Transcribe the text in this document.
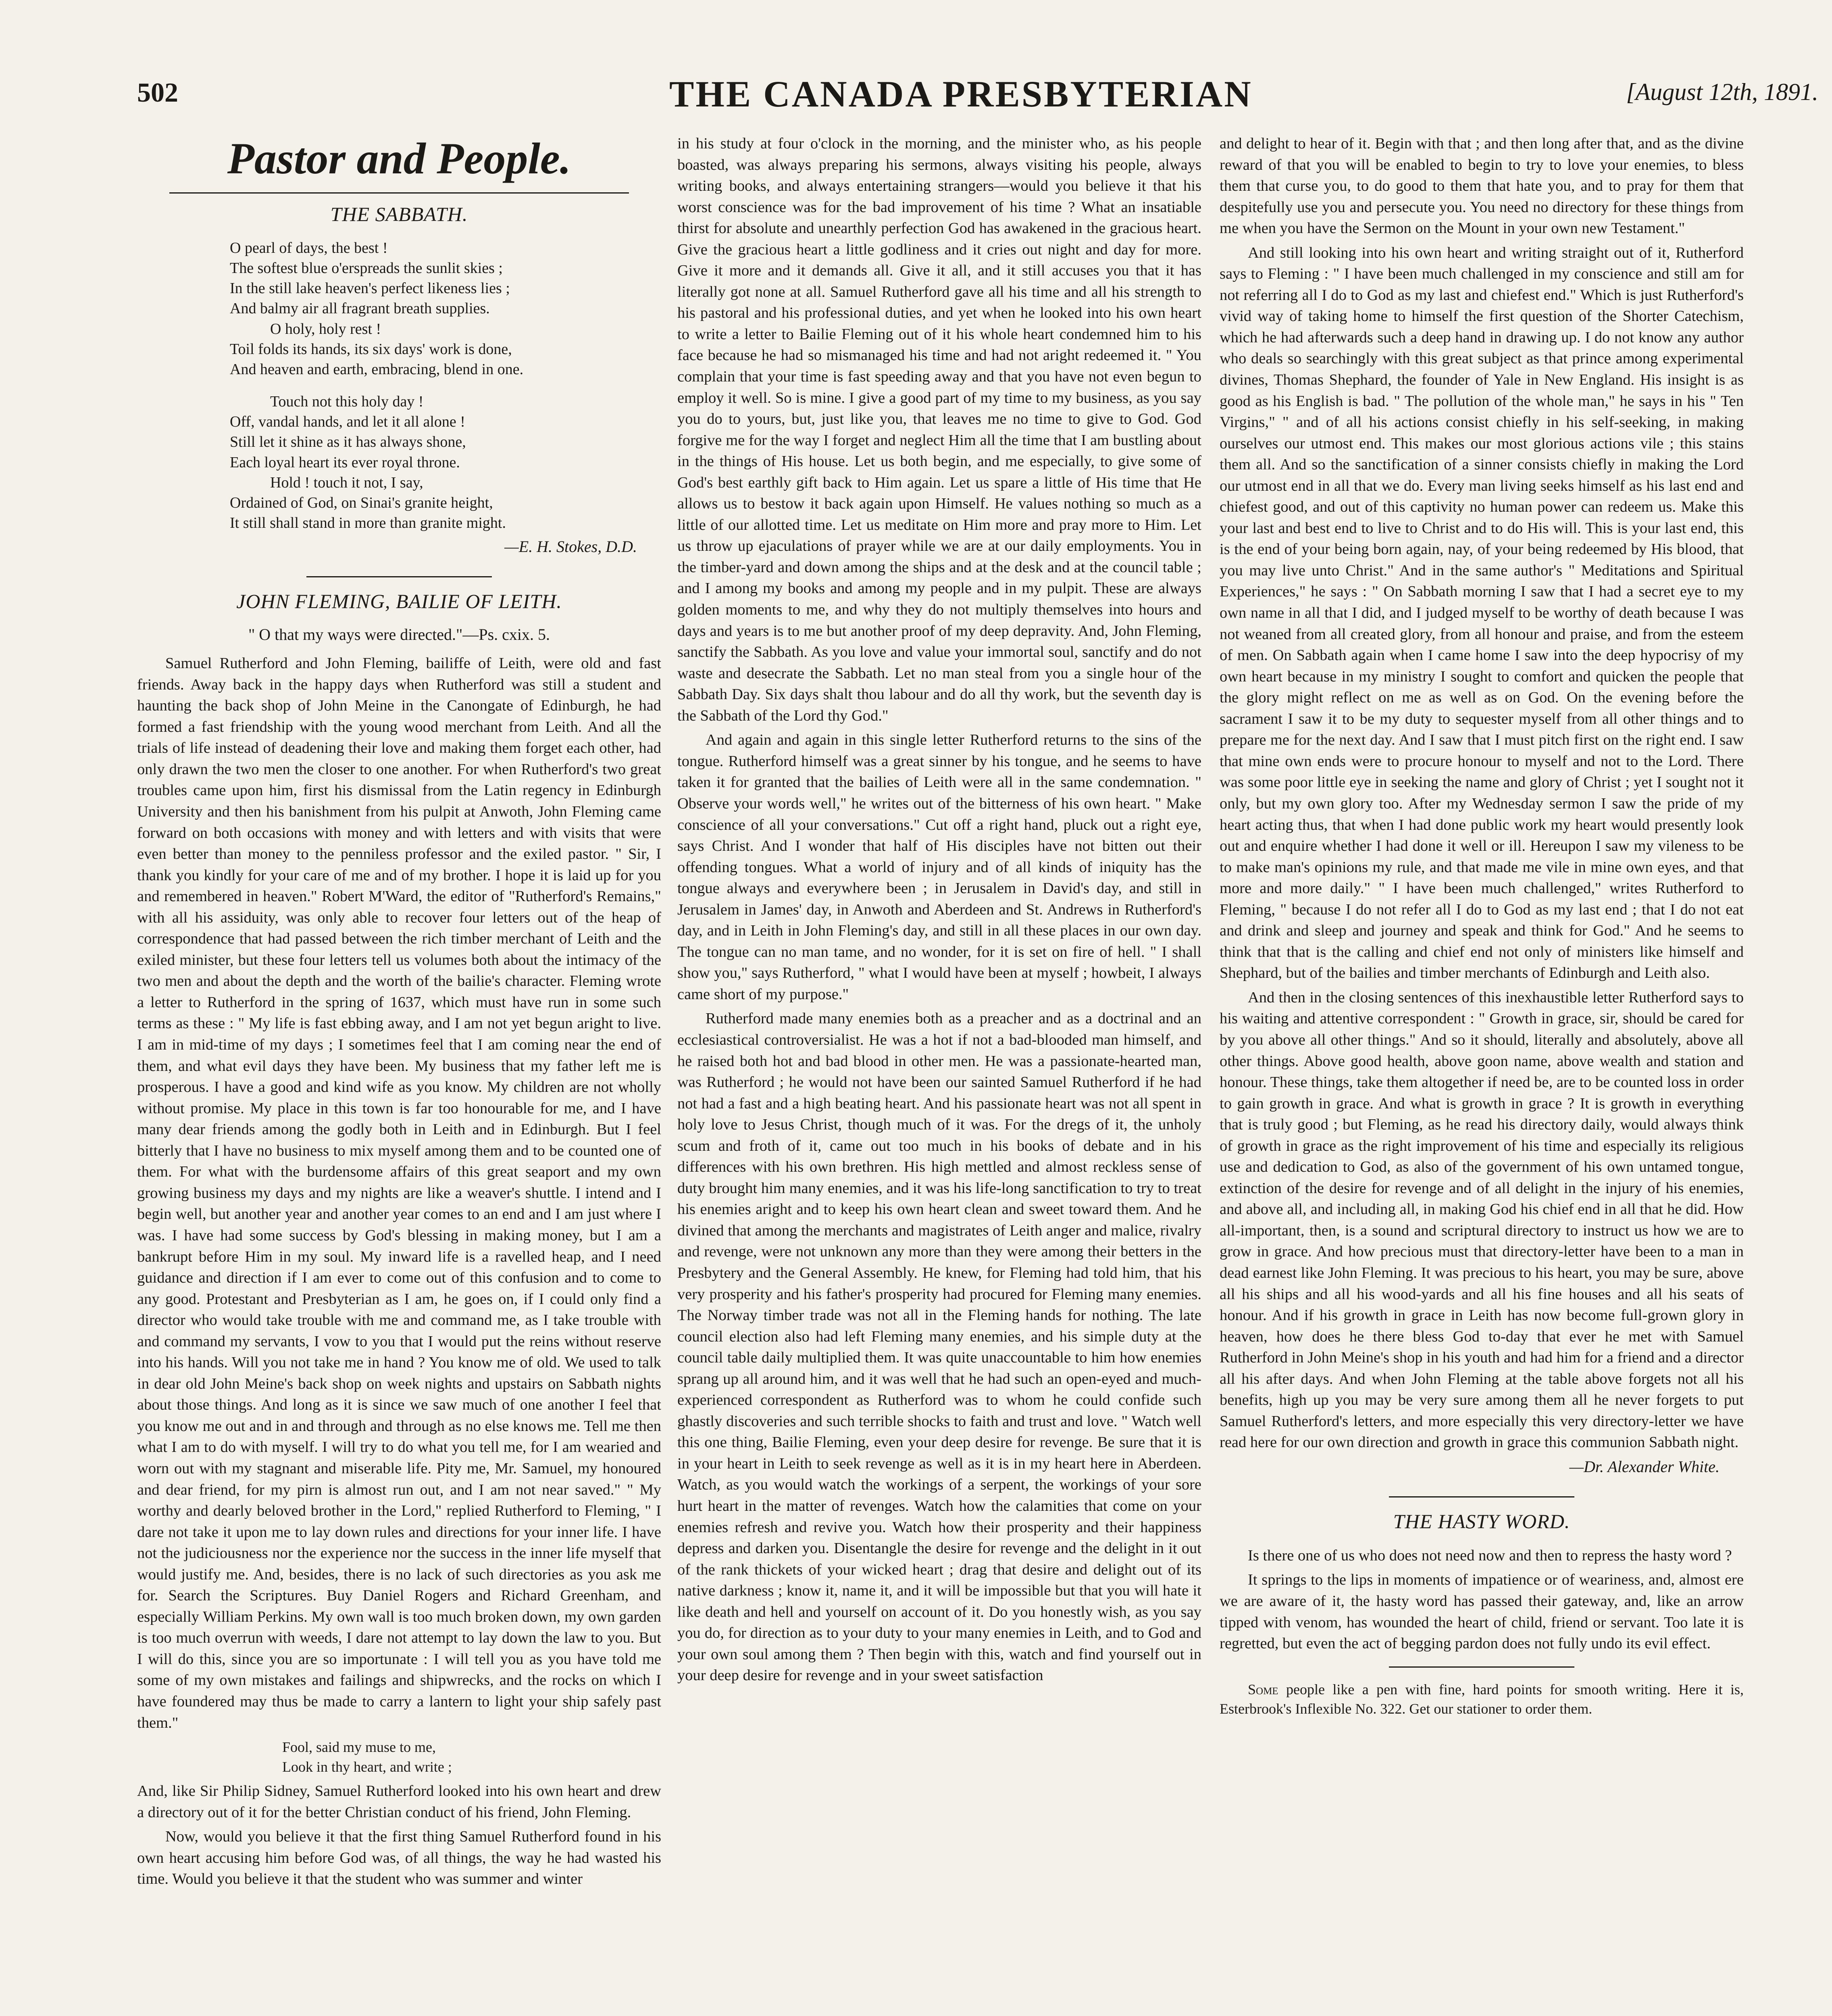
502	THE CANADA PRESBYTERIAN	[August 12th, 1891.
Pastor and People.
THE SABBATH.
O pearl of days, the best !
The softest blue o'erspreads the sunlit skies ;
In the still lake heaven's perfect likeness lies ;
And balmy air all fragrant breath supplies.
O holy, holy rest !
Toil folds its hands, its six days' work is done,
And heaven and earth, embracing, blend in one.
Touch not this holy day !
Off, vandal hands, and let it all alone !
Still let it shine as it has always shone,
Each loyal heart its ever royal throne.
Hold ! touch it not, I say,
Ordained of God, on Sinai's granite height,
It still shall stand in more than granite might.
—E. H. Stokes, D.D.
JOHN FLEMING, BAILIE OF LEITH.
" O that my ways were directed."—Ps. cxix. 5.

Samuel Rutherford and John Fleming, bailiffe of Leith, were old and fast friends. Away back in the happy days when Rutherford was still a student and haunting the back shop of John Meine in the Canongate of Edinburgh, he had formed a fast friendship with the young wood merchant from Leith. And all the trials of life instead of deadening their love and making them forget each other, had only drawn the two men the closer to one another. For when Rutherford's two great troubles came upon him, first his dismissal from the Latin regency in Edinburgh University and then his banishment from his pulpit at Anwoth, John Fleming came forward on both occasions with money and with letters and with visits that were even better than money to the penniless professor and the exiled pastor. " Sir, I thank you kindly for your care of me and of my brother. I hope it is laid up for you and remembered in heaven." Robert M'Ward, the editor of "Rutherford's Remains," with all his assiduity, was only able to recover four letters out of the heap of correspondence that had passed between the rich timber merchant of Leith and the exiled minister, but these four letters tell us volumes both about the intimacy of the two men and about the depth and the worth of the bailie's character. Fleming wrote a letter to Rutherford in the spring of 1637, which must have run in some such terms as these : " My life is fast ebbing away, and I am not yet begun aright to live. I am in mid-time of my days ; I sometimes feel that I am coming near the end of them, and what evil days they have been. My business that my father left me is prosperous. I have a good and kind wife as you know. My children are not wholly without promise. My place in this town is far too honourable for me, and I have many dear friends among the godly both in Leith and in Edinburgh. But I feel bitterly that I have no business to mix myself among them and to be counted one of them. For what with the burdensome affairs of this great seaport and my own growing business my days and my nights are like a weaver's shuttle. I intend and I begin well, but another year and another year comes to an end and I am just where I was. I have had some success by God's blessing in making money, but I am a bankrupt before Him in my soul. My inward life is a ravelled heap, and I need guidance and direction if I am ever to come out of this confusion and to come to any good. Protestant and Presbyterian as I am, he goes on, if I could only find a director who would take trouble with me and command me, as I take trouble with and command my servants, I vow to you that I would put the reins without reserve into his hands. Will you not take me in hand ? You know me of old. We used to talk in dear old John Meine's back shop on week nights and upstairs on Sabbath nights about those things. And long as it is since we saw much of one another I feel that you know me out and in and through and through as no else knows me. Tell me then what I am to do with myself. I will try to do what you tell me, for I am wearied and worn out with my stagnant and miserable life. Pity me, Mr. Samuel, my honoured and dear friend, for my pirn is almost run out, and I am not near saved." " My worthy and dearly beloved brother in the Lord," replied Rutherford to Fleming, " I dare not take it upon me to lay down rules and directions for your inner life. I have not the judiciousness nor the experience nor the success in the inner life myself that would justify me. And, besides, there is no lack of such directories as you ask me for. Search the Scriptures. Buy Daniel Rogers and Richard Greenham, and especially William Perkins. My own wall is too much broken down, my own garden is too much overrun with weeds, I dare not attempt to lay down the law to you. But I will do this, since you are so importunate : I will tell you as you have told me some of my own mistakes and failings and shipwrecks, and the rocks on which I have foundered may thus be made to carry a lantern to light your ship safely past them."

Fool, said my muse to me,
Look in thy heart, and write ;

And, like Sir Philip Sidney, Samuel Rutherford looked into his own heart and drew a directory out of it for the better Christian conduct of his friend, John Fleming.

Now, would you believe it that the first thing Samuel Rutherford found in his own heart accusing him before God was, of all things, the way he had wasted his time. Would you believe it that the student who was summer and winter

in his study at four o'clock in the morning, and the minister who, as his people boasted, was always preparing his sermons, always visiting his people, always writing books, and always entertaining strangers—would you believe it that his worst conscience was for the bad improvement of his time ? What an insatiable thirst for absolute and unearthly perfection God has awakened in the gracious heart. Give the gracious heart a little godliness and it cries out night and day for more. Give it more and it demands all. Give it all, and it still accuses you that it has literally got none at all. Samuel Rutherford gave all his time and all his strength to his pastoral and his professional duties, and yet when he looked into his own heart to write a letter to Bailie Fleming out of it his whole heart condemned him to his face because he had so mismanaged his time and had not aright redeemed it. " You complain that your time is fast speeding away and that you have not even begun to employ it well. So is mine. I give a good part of my time to my business, as you say you do to yours, but, just like you, that leaves me no time to give to God. God forgive me for the way I forget and neglect Him all the time that I am bustling about in the things of His house. Let us both begin, and me especially, to give some of God's best earthly gift back to Him again. Let us spare a little of His time that He allows us to bestow it back again upon Himself. He values nothing so much as a little of our allotted time. Let us meditate on Him more and pray more to Him. Let us throw up ejaculations of prayer while we are at our daily employments. You in the timber-yard and down among the ships and at the desk and at the council table ; and I among my books and among my people and in my pulpit. These are always golden moments to me, and why they do not multiply themselves into hours and days and years is to me but another proof of my deep depravity. And, John Fleming, sanctify the Sabbath. As you love and value your immortal soul, sanctify and do not waste and desecrate the Sabbath. Let no man steal from you a single hour of the Sabbath Day. Six days shalt thou labour and do all thy work, but the seventh day is the Sabbath of the Lord thy God."

And again and again in this single letter Rutherford returns to the sins of the tongue. Rutherford himself was a great sinner by his tongue, and he seems to have taken it for granted that the bailies of Leith were all in the same condemnation. " Observe your words well," he writes out of the bitterness of his own heart. " Make conscience of all your conversations." Cut off a right hand, pluck out a right eye, says Christ. And I wonder that half of His disciples have not bitten out their offending tongues. What a world of injury and of all kinds of iniquity has the tongue always and everywhere been ; in Jerusalem in David's day, and still in Jerusalem in James' day, in Anwoth and Aberdeen and St. Andrews in Rutherford's day, and in Leith in John Fleming's day, and still in all these places in our own day. The tongue can no man tame, and no wonder, for it is set on fire of hell. " I shall show you," says Rutherford, " what I would have been at myself ; howbeit, I always came short of my purpose."

Rutherford made many enemies both as a preacher and as a doctrinal and an ecclesiastical controversialist. He was a hot if not a bad-blooded man himself, and he raised both hot and bad blood in other men. He was a passionate-hearted man, was Rutherford ; he would not have been our sainted Samuel Rutherford if he had not had a fast and a high beating heart. And his passionate heart was not all spent in holy love to Jesus Christ, though much of it was. For the dregs of it, the unholy scum and froth of it, came out too much in his books of debate and in his differences with his own brethren. His high mettled and almost reckless sense of duty brought him many enemies, and it was his life-long sanctification to try to treat his enemies aright and to keep his own heart clean and sweet toward them. And he divined that among the merchants and magistrates of Leith anger and malice, rivalry and revenge, were not unknown any more than they were among their betters in the Presbytery and the General Assembly. He knew, for Fleming had told him, that his very prosperity and his father's prosperity had procured for Fleming many enemies. The Norway timber trade was not all in the Fleming hands for nothing. The late council election also had left Fleming many enemies, and his simple duty at the council table daily multiplied them. It was quite unaccountable to him how enemies sprang up all around him, and it was well that he had such an open-eyed and much-experienced correspondent as Rutherford was to whom he could confide such ghastly discoveries and such terrible shocks to faith and trust and love. " Watch well this one thing, Bailie Fleming, even your deep desire for revenge. Be sure that it is in your heart in Leith to seek revenge as well as it is in my heart here in Aberdeen. Watch, as you would watch the workings of a serpent, the workings of your sore hurt heart in the matter of revenges. Watch how the calamities that come on your enemies refresh and revive you. Watch how their prosperity and their happiness depress and darken you. Disentangle the desire for revenge and the delight in it out of the rank thickets of your wicked heart ; drag that desire and delight out of its native darkness ; know it, name it, and it will be impossible but that you will hate it like death and hell and yourself on account of it. Do you honestly wish, as you say you do, for direction as to your duty to your many enemies in Leith, and to God and your own soul among them ? Then begin with this, watch and find yourself out in your deep desire for revenge and in your sweet satisfaction

and delight to hear of it. Begin with that ; and then long after that, and as the divine reward of that you will be enabled to begin to try to love your enemies, to bless them that curse you, to do good to them that hate you, and to pray for them that despitefully use you and persecute you. You need no directory for these things from me when you have the Sermon on the Mount in your own new Testament."

And still looking into his own heart and writing straight out of it, Rutherford says to Fleming : " I have been much challenged in my conscience and still am for not referring all I do to God as my last and chiefest end." Which is just Rutherford's vivid way of taking home to himself the first question of the Shorter Catechism, which he had afterwards such a deep hand in drawing up. I do not know any author who deals so searchingly with this great subject as that prince among experimental divines, Thomas Shephard, the founder of Yale in New England. His insight is as good as his English is bad. " The pollution of the whole man," he says in his " Ten Virgins," " and of all his actions consist chiefly in his self-seeking, in making ourselves our utmost end. This makes our most glorious actions vile ; this stains them all. And so the sanctification of a sinner consists chiefly in making the Lord our utmost end in all that we do. Every man living seeks himself as his last end and chiefest good, and out of this captivity no human power can redeem us. Make this your last and best end to live to Christ and to do His will. This is your last end, this is the end of your being born again, nay, of your being redeemed by His blood, that you may live unto Christ." And in the same author's " Meditations and Spiritual Experiences," he says : " On Sabbath morning I saw that I had a secret eye to my own name in all that I did, and I judged myself to be worthy of death because I was not weaned from all created glory, from all honour and praise, and from the esteem of men. On Sabbath again when I came home I saw into the deep hypocrisy of my own heart because in my ministry I sought to comfort and quicken the people that the glory might reflect on me as well as on God. On the evening before the sacrament I saw it to be my duty to sequester myself from all other things and to prepare me for the next day. And I saw that I must pitch first on the right end. I saw that mine own ends were to procure honour to myself and not to the Lord. There was some poor little eye in seeking the name and glory of Christ ; yet I sought not it only, but my own glory too. After my Wednesday sermon I saw the pride of my heart acting thus, that when I had done public work my heart would presently look out and enquire whether I had done it well or ill. Hereupon I saw my vileness to be to make man's opinions my rule, and that made me vile in mine own eyes, and that more and more daily." " I have been much challenged," writes Rutherford to Fleming, " because I do not refer all I do to God as my last end ; that I do not eat and drink and sleep and journey and speak and think for God." And he seems to think that that is the calling and chief end not only of ministers like himself and Shephard, but of the bailies and timber merchants of Edinburgh and Leith also.

And then in the closing sentences of this inexhaustible letter Rutherford says to his waiting and attentive correspondent : " Growth in grace, sir, should be cared for by you above all other things." And so it should, literally and absolutely, above all other things. Above good health, above goon name, above wealth and station and honour. These things, take them altogether if need be, are to be counted loss in order to gain growth in grace. And what is growth in grace ? It is growth in everything that is truly good ; but Fleming, as he read his directory daily, would always think of growth in grace as the right improvement of his time and especially its religious use and dedication to God, as also of the government of his own untamed tongue, extinction of the desire for revenge and of all delight in the injury of his enemies, and above all, and including all, in making God his chief end in all that he did. How all-important, then, is a sound and scriptural directory to instruct us how we are to grow in grace. And how precious must that directory-letter have been to a man in dead earnest like John Fleming. It was precious to his heart, you may be sure, above all his ships and all his wood-yards and all his fine houses and all his seats of honour. And if his growth in grace in Leith has now become full-grown glory in heaven, how does he there bless God to-day that ever he met with Samuel Rutherford in John Meine's shop in his youth and had him for a friend and a director all his after days. And when John Fleming at the table above forgets not all his benefits, high up you may be very sure among them all he never forgets to put Samuel Rutherford's letters, and more especially this very directory-letter we have read here for our own direction and growth in grace this communion Sabbath night.

—Dr. Alexander White.
THE HASTY WORD.

Is there one of us who does not need now and then to repress the hasty word ?

It springs to the lips in moments of impatience or of weariness, and, almost ere we are aware of it, the hasty word has passed their gateway, and, like an arrow tipped with venom, has wounded the heart of child, friend or servant. Too late it is regretted, but even the act of begging pardon does not fully undo its evil effect.

Some people like a pen with fine, hard points for smooth writing. Here it is, Esterbrook's Inflexible No. 322. Get our stationer to order them.
